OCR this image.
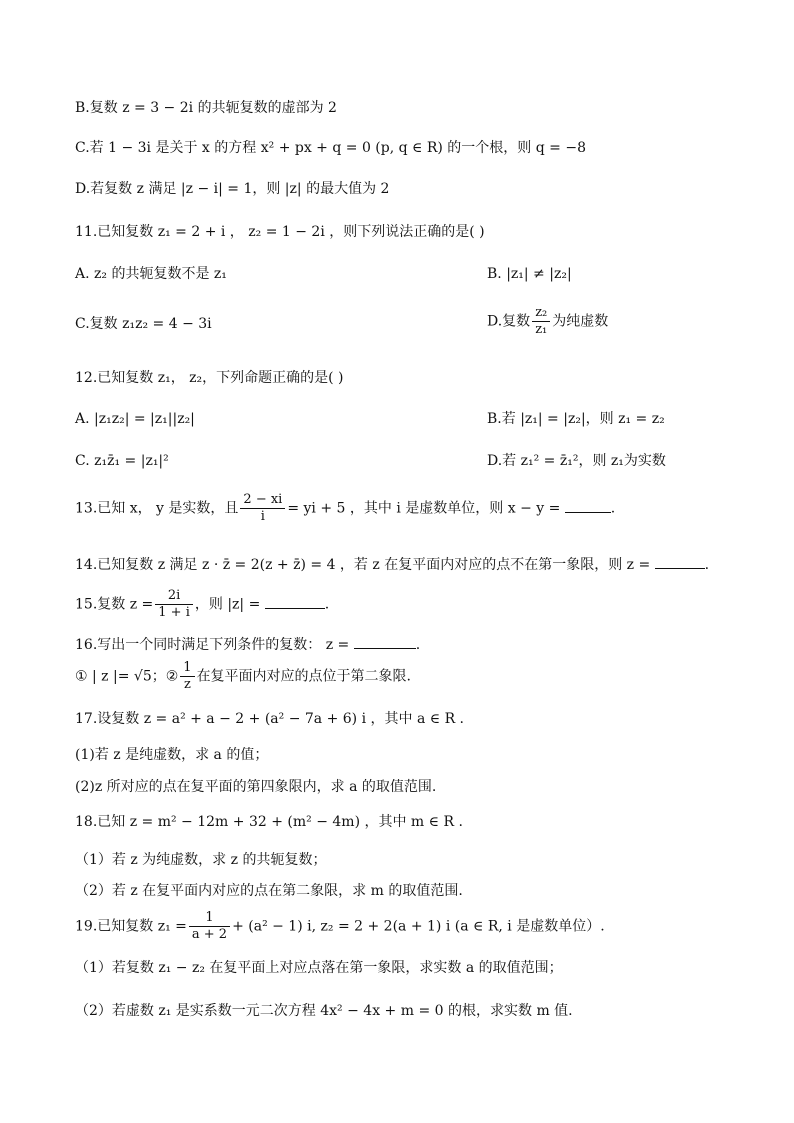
B.复数 z = 3 − 2i 的共轭复数的虚部为 2
C.若 1 − 3i 是关于 x 的方程 x² + px + q = 0 (p, q ∈ R) 的一个根，则 q = −8
D.若复数 z 满足 |z − i| = 1，则 |z| 的最大值为 2
11.已知复数 z₁ = 2 + i ， z₂ = 1 − 2i ，则下列说法正确的是( )
A. z₂ 的共轭复数不是 z₁	B. |z₁| ≠ |z₂|
C.复数 z₁z₂ = 4 − 3i	D.复数 $\frac{\text{z₂}}{\text{z₁}}$ 为纯虚数
12.已知复数 z₁， z₂，下列命题正确的是( )
A. |z₁z₂| = |z₁||z₂|	B.若 |z₁| = |z₂|，则 z₁ = z₂
C. z₁z̄₁ = |z₁|²	D.若 z₁² = z̄₁²，则 z₁为实数
13.已知 x， y 是实数，且 $\frac{2 - xi}{i}$ = yi + 5 ，其中 i 是虚数单位，则 x − y =	.
14.已知复数 z 满足 z · z̄ = 2(z + z̄) = 4 ，若 z 在复平面内对应的点不在第一象限，则 z =	.
15.复数 $z = \frac{2i}{1 + i}$ ，则 |z| =	.
16.写出一个同时满足下列条件的复数： z =	.
① | z |= √5；② $\frac{1}{z}$ 在复平面内对应的点位于第二象限.
17.设复数 z = a² + a − 2 + (a² − 7a + 6) i ，其中 a ∈ R .
(1)若 z 是纯虚数，求 a 的值；
(2)z 所对应的点在复平面的第四象限内，求 a 的取值范围.
18.已知 z = m² − 12m + 32 + (m² − 4m) ，其中 m ∈ R .
（1）若 z 为纯虚数，求 z 的共轭复数；
（2）若 z 在复平面内对应的点在第二象限，求 m 的取值范围.
19.已知复数 $z_1 = \frac{1}{a + 2} + (a^2 - 1)$ i, z₂ = 2 + 2(a + 1) i (a ∈ R, i 是虚数单位）.
（1）若复数 z₁ − z₂ 在复平面上对应点落在第一象限，求实数 a 的取值范围；
（2）若虚数 z₁ 是实系数一元二次方程 4x² − 4x + m = 0 的根，求实数 m 值.
